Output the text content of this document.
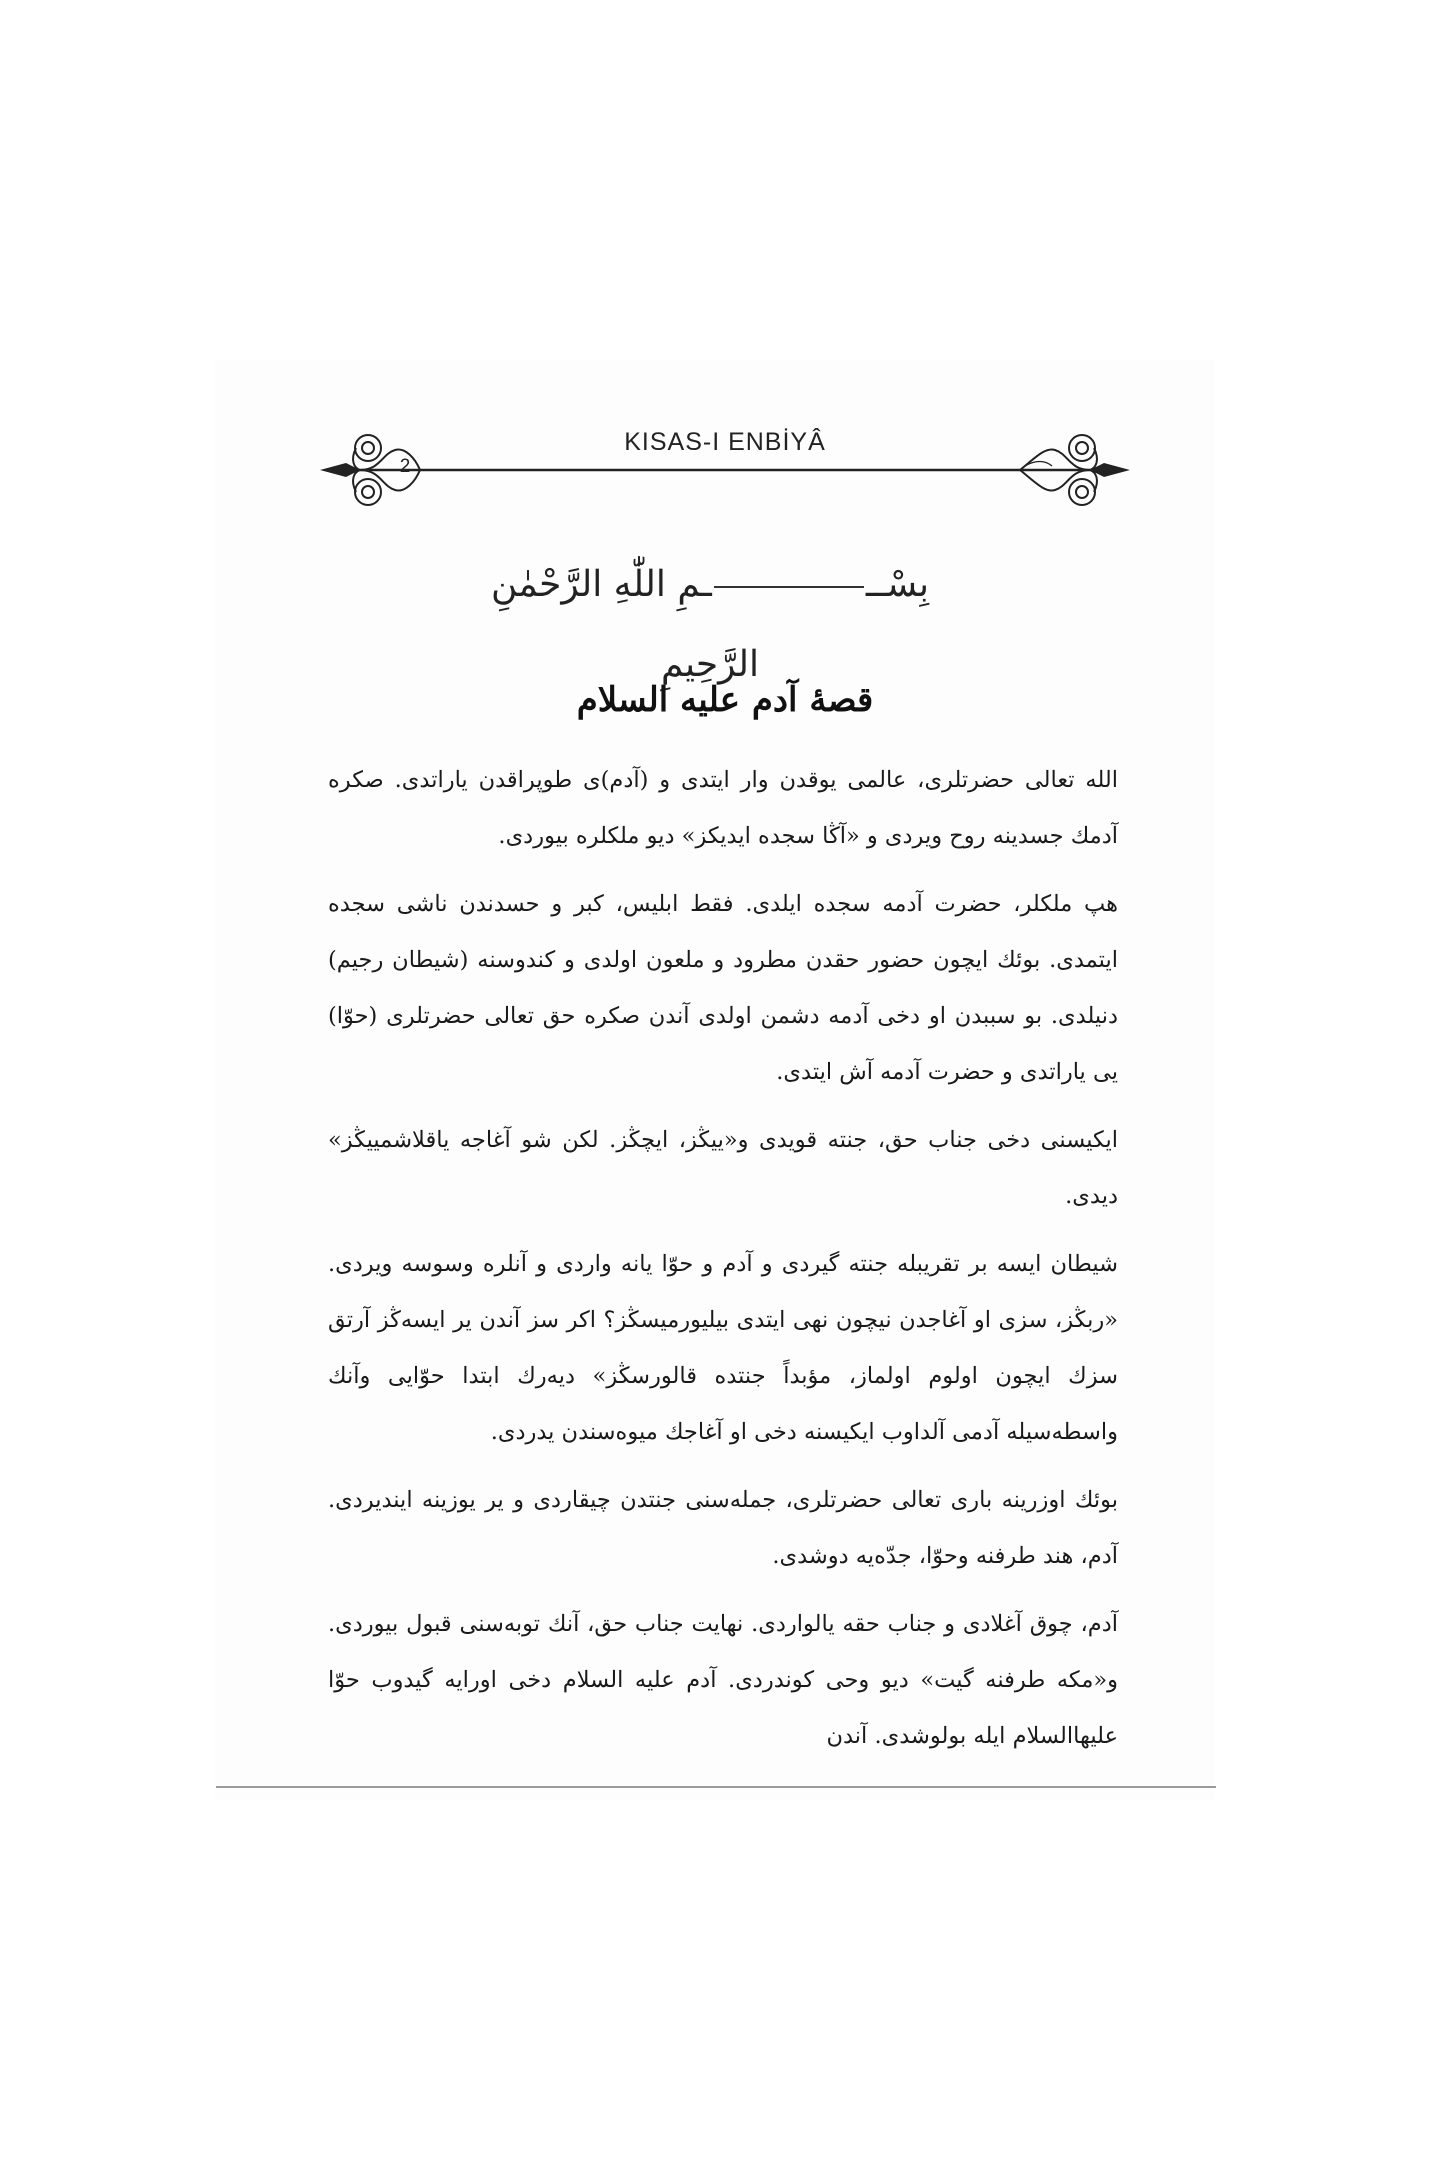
KISAS-I ENBİYÂ
2
بِسْـــمِ اللّٰهِ الرَّحْمٰنِ الرَّحِيمِ
قصۀ آدم علیه السلام

الله تعالی حضرتلری، عالمی یوقدن وار ایتدی و (آدم)ی طوپراقدن یاراتدی. صکره آدمك جسدینه روح ویردی و «آڭا سجده ایدیکز» دیو ملکلره بیوردی.

هپ ملکلر، حضرت آدمه سجده ایلدی. فقط ابلیس، کبر و حسدندن ناشی سجده ایتمدی. بوئك ایچون حضور حقدن مطرود و ملعون اولدی و کندوسنه (شیطان رجیم) دنیلدی. بو سببدن او دخی آدمه دشمن اولدی آندن صکره حق تعالی حضرتلری (حوّا) یی یاراتدی و حضرت آدمه آش ایتدی.

ایکیسنی دخی جناب حق، جنته قویدی و«ییڭز، ایچڭز. لکن شو آغاجه یاقلاشمییڭز» دیدی.

شیطان ایسه بر تقریبله جنته گیردی و آدم و حوّا یانه واردی و آنلره وسوسه ویردی. «ربڭز، سزی او آغاجدن نیچون نهی ایتدی بیلیورمیسڭز؟ اکر سز آندن یر ایسه‌ڭز آرتق سزك ایچون اولوم اولماز، مؤبداً جنتده قالورسڭز» دیه‌رك ابتدا حوّایی وآنك واسطه‌سیله آدمی آلداوب ایکیسنه دخی او آغاجك میوه‌سندن یدردی.

بوئك اوزرینه باری تعالی حضرتلری، جمله‌سنی جنتدن چیقاردی و یر یوزینه ایندیردی. آدم، هند طرفنه وحوّا، جدّه‌یه دوشدی.

آدم، چوق آغلادی و جناب حقه یالواردی. نهایت جناب حق، آنك توبه‌سنی قبول بیوردی. و«مکه طرفنه گیت» دیو وحی کوندردی. آدم علیه السلام دخی اورایه گیدوب حوّا علیهاالسلام ایله بولوشدی. آندن
